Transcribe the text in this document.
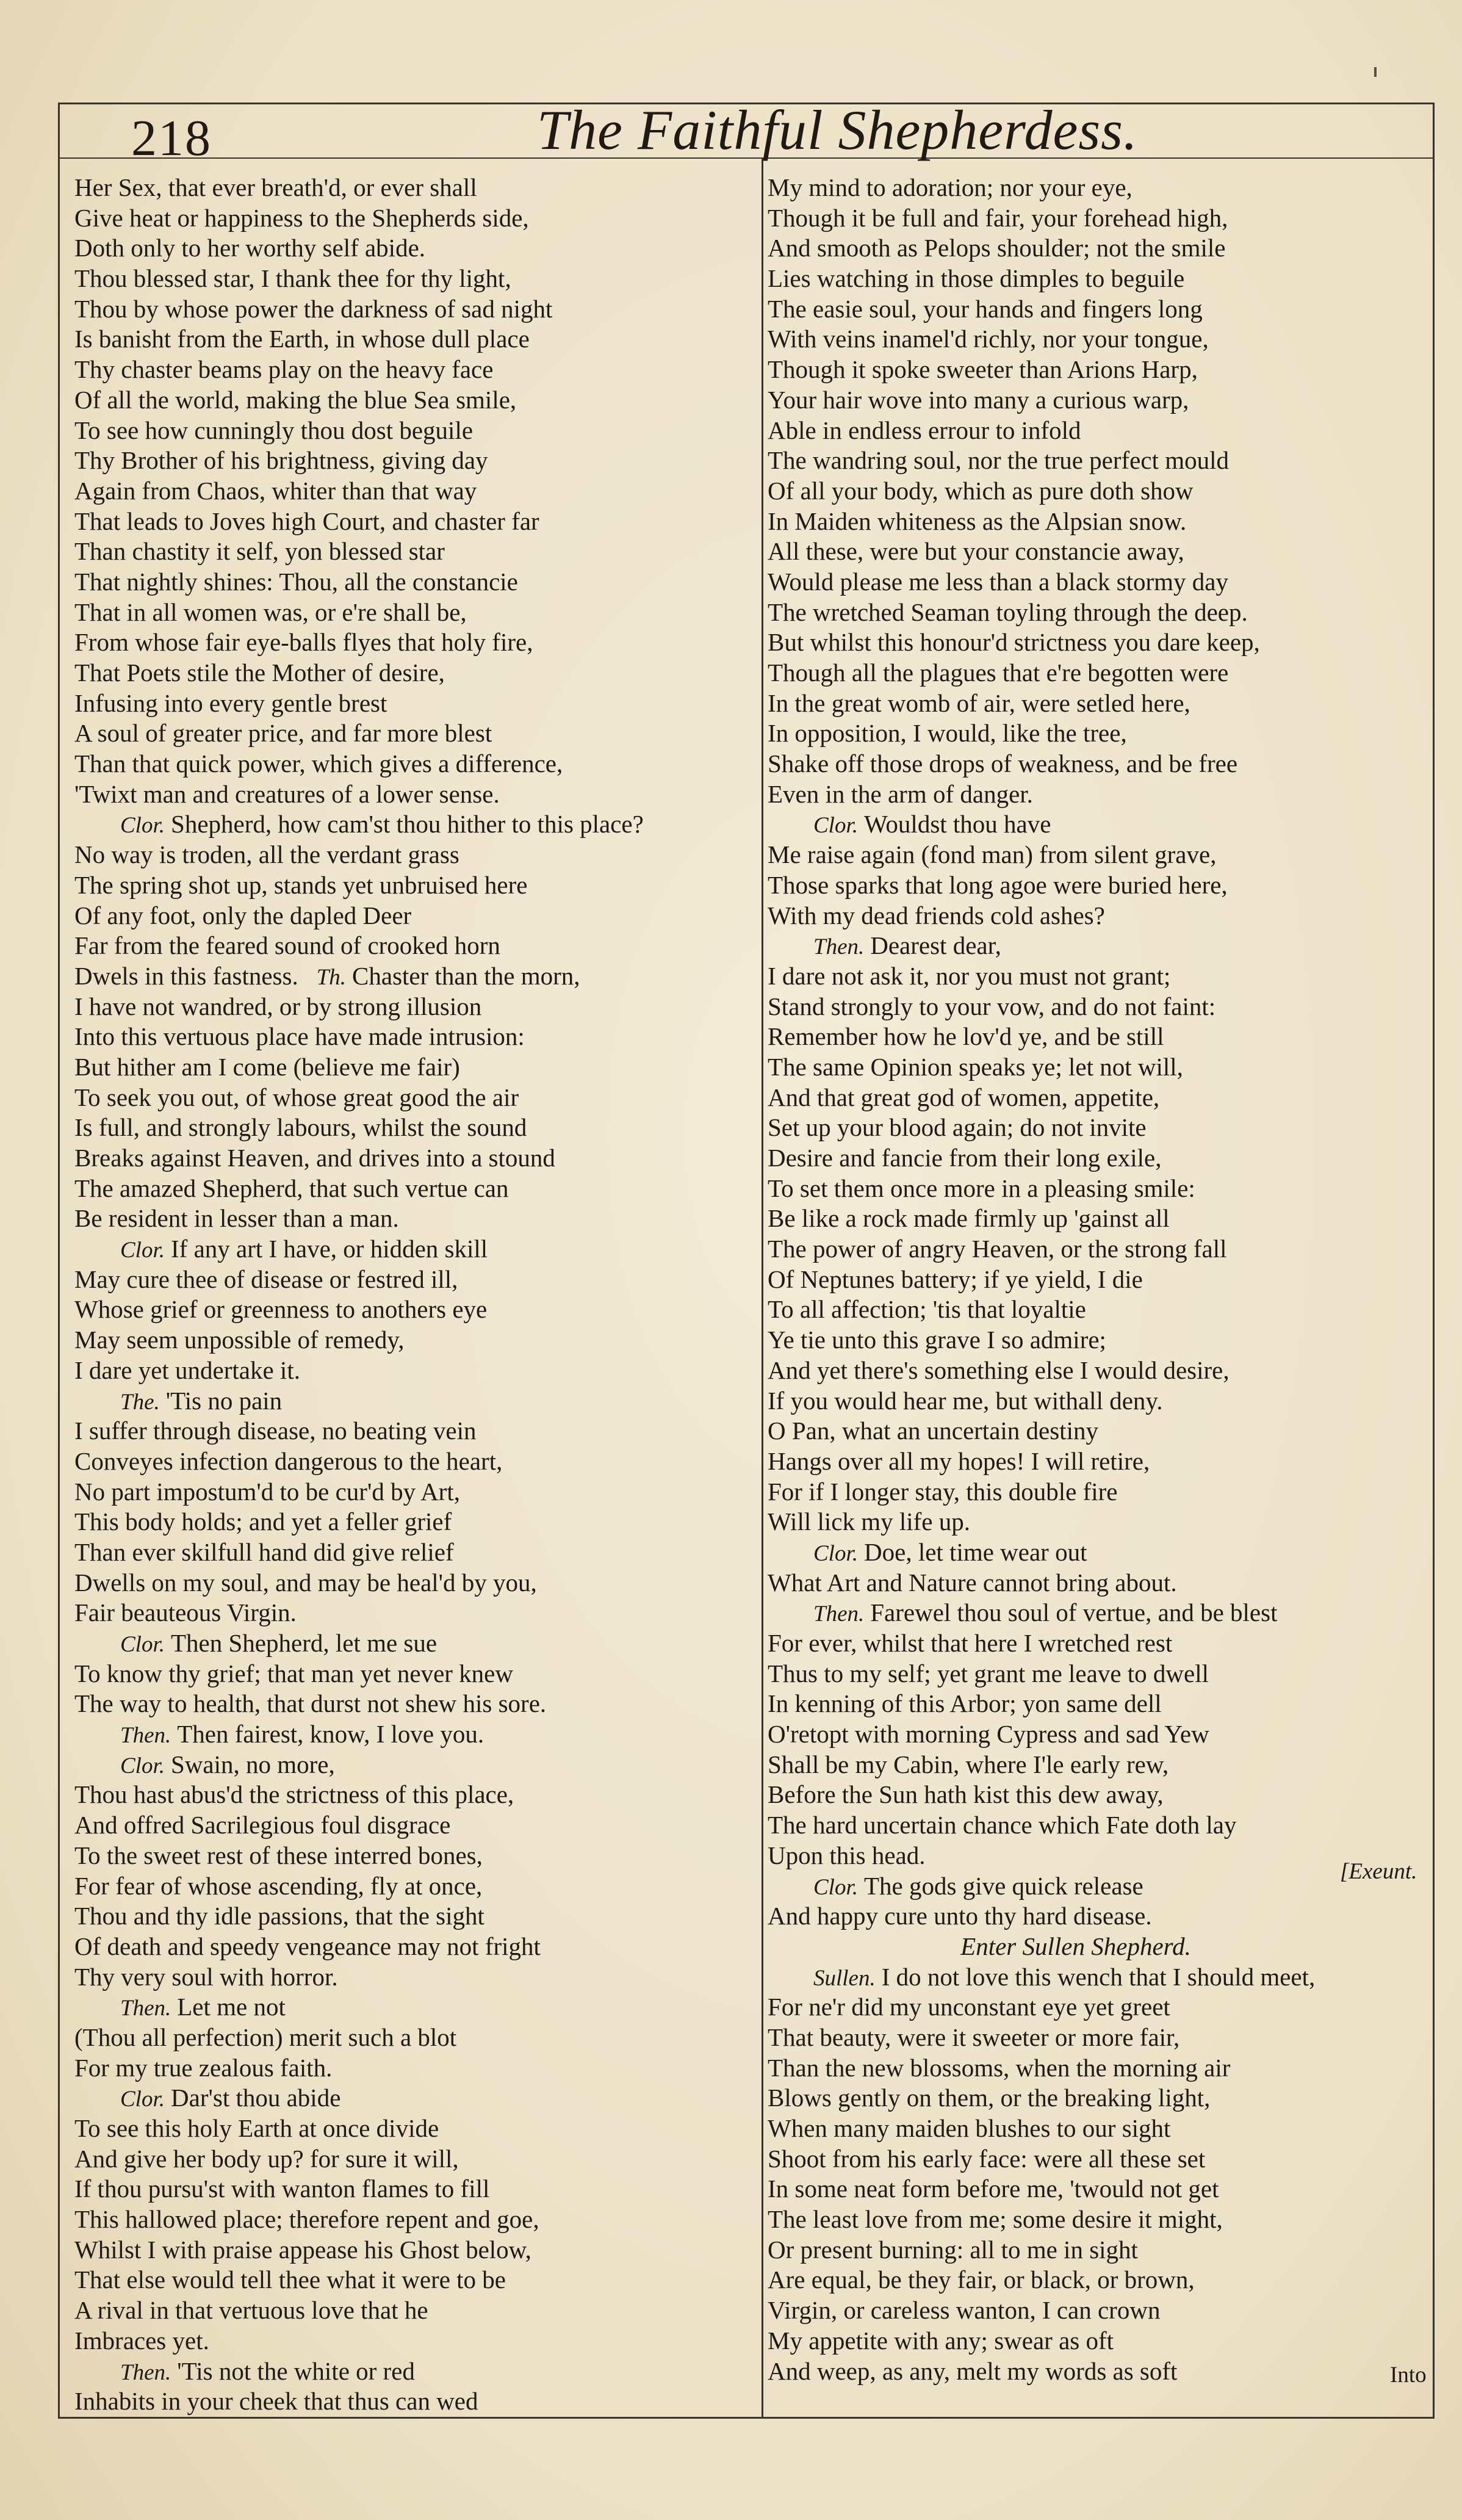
218	The Faithful Shepherdess.
Her Sex, that ever breath'd, or ever shall
Give heat or happiness to the Shepherds side,
Doth only to her worthy self abide.
Thou blessed star, I thank thee for thy light,
Thou by whose power the darkness of sad night
Is banisht from the Earth, in whose dull place
Thy chaster beams play on the heavy face
Of all the world, making the blue Sea smile,
To see how cunningly thou dost beguile
Thy Brother of his brightness, giving day
Again from Chaos, whiter than that way
That leads to Joves high Court, and chaster far
Than chastity it self, yon blessed star
That nightly shines: Thou, all the constancie
That in all women was, or e're shall be,
From whose fair eye-balls flyes that holy fire,
That Poets stile the Mother of desire,
Infusing into every gentle brest
A soul of greater price, and far more blest
Than that quick power, which gives a difference,
'Twixt man and creatures of a lower sense.
Clor. Shepherd, how cam'st thou hither to this place?
No way is troden, all the verdant grass
The spring shot up, stands yet unbruised here
Of any foot, only the dapled Deer
Far from the feared sound of crooked horn
Dwels in this fastness. Th. Chaster than the morn,
I have not wandred, or by strong illusion
Into this vertuous place have made intrusion:
But hither am I come (believe me fair)
To seek you out, of whose great good the air
Is full, and strongly labours, whilst the sound
Breaks against Heaven, and drives into a stound
The amazed Shepherd, that such vertue can
Be resident in lesser than a man.
Clor. If any art I have, or hidden skill
May cure thee of disease or festred ill,
Whose grief or greenness to anothers eye
May seem unpossible of remedy,
I dare yet undertake it.
The. 'Tis no pain
I suffer through disease, no beating vein
Conveyes infection dangerous to the heart,
No part impostum'd to be cur'd by Art,
This body holds; and yet a feller grief
Than ever skilfull hand did give relief
Dwells on my soul, and may be heal'd by you,
Fair beauteous Virgin.
Clor. Then Shepherd, let me sue
To know thy grief; that man yet never knew
The way to health, that durst not shew his sore.
Then. Then fairest, know, I love you.
Clor. Swain, no more,
Thou hast abus'd the strictness of this place,
And offred Sacrilegious foul disgrace
To the sweet rest of these interred bones,
For fear of whose ascending, fly at once,
Thou and thy idle passions, that the sight
Of death and speedy vengeance may not fright
Thy very soul with horror.
Then. Let me not
(Thou all perfection) merit such a blot
For my true zealous faith.
Clor. Dar'st thou abide
To see this holy Earth at once divide
And give her body up? for sure it will,
If thou pursu'st with wanton flames to fill
This hallowed place; therefore repent and goe,
Whilst I with praise appease his Ghost below,
That else would tell thee what it were to be
A rival in that vertuous love that he
Imbraces yet.
Then. 'Tis not the white or red
Inhabits in your cheek that thus can wed
My mind to adoration; nor your eye,
Though it be full and fair, your forehead high,
And smooth as Pelops shoulder; not the smile
Lies watching in those dimples to beguile
The easie soul, your hands and fingers long
With veins inamel'd richly, nor your tongue,
Though it spoke sweeter than Arions Harp,
Your hair wove into many a curious warp,
Able in endless errour to infold
The wandring soul, nor the true perfect mould
Of all your body, which as pure doth show
In Maiden whiteness as the Alpsian snow.
All these, were but your constancie away,
Would please me less than a black stormy day
The wretched Seaman toyling through the deep.
But whilst this honour'd strictness you dare keep,
Though all the plagues that e're begotten were
In the great womb of air, were setled here,
In opposition, I would, like the tree,
Shake off those drops of weakness, and be free
Even in the arm of danger.
Clor. Wouldst thou have
Me raise again (fond man) from silent grave,
Those sparks that long agoe were buried here,
With my dead friends cold ashes?
Then. Dearest dear,
I dare not ask it, nor you must not grant;
Stand strongly to your vow, and do not faint:
Remember how he lov'd ye, and be still
The same Opinion speaks ye; let not will,
And that great god of women, appetite,
Set up your blood again; do not invite
Desire and fancie from their long exile,
To set them once more in a pleasing smile:
Be like a rock made firmly up 'gainst all
The power of angry Heaven, or the strong fall
Of Neptunes battery; if ye yield, I die
To all affection; 'tis that loyaltie
Ye tie unto this grave I so admire;
And yet there's something else I would desire,
If you would hear me, but withall deny.
O Pan, what an uncertain destiny
Hangs over all my hopes! I will retire,
For if I longer stay, this double fire
Will lick my life up.
Clor. Doe, let time wear out
What Art and Nature cannot bring about.
Then. Farewel thou soul of vertue, and be blest
For ever, whilst that here I wretched rest
Thus to my self; yet grant me leave to dwell
In kenning of this Arbor; yon same dell
O'retopt with morning Cypress and sad Yew
Shall be my Cabin, where I'le early rew,
Before the Sun hath kist this dew away,
The hard uncertain chance which Fate doth lay
Upon this head.
Clor. The gods give quick release
And happy cure unto thy hard disease.
Enter Sullen Shepherd.
Sullen. I do not love this wench that I should meet,
For ne'r did my unconstant eye yet greet
That beauty, were it sweeter or more fair,
Than the new blossoms, when the morning air
Blows gently on them, or the breaking light,
When many maiden blushes to our sight
Shoot from his early face: were all these set
In some neat form before me, 'twould not get
The least love from me; some desire it might,
Or present burning: all to me in sight
Are equal, be they fair, or black, or brown,
Virgin, or careless wanton, I can crown
My appetite with any; swear as oft
And weep, as any, melt my words as soft
[Exeunt.
Into
